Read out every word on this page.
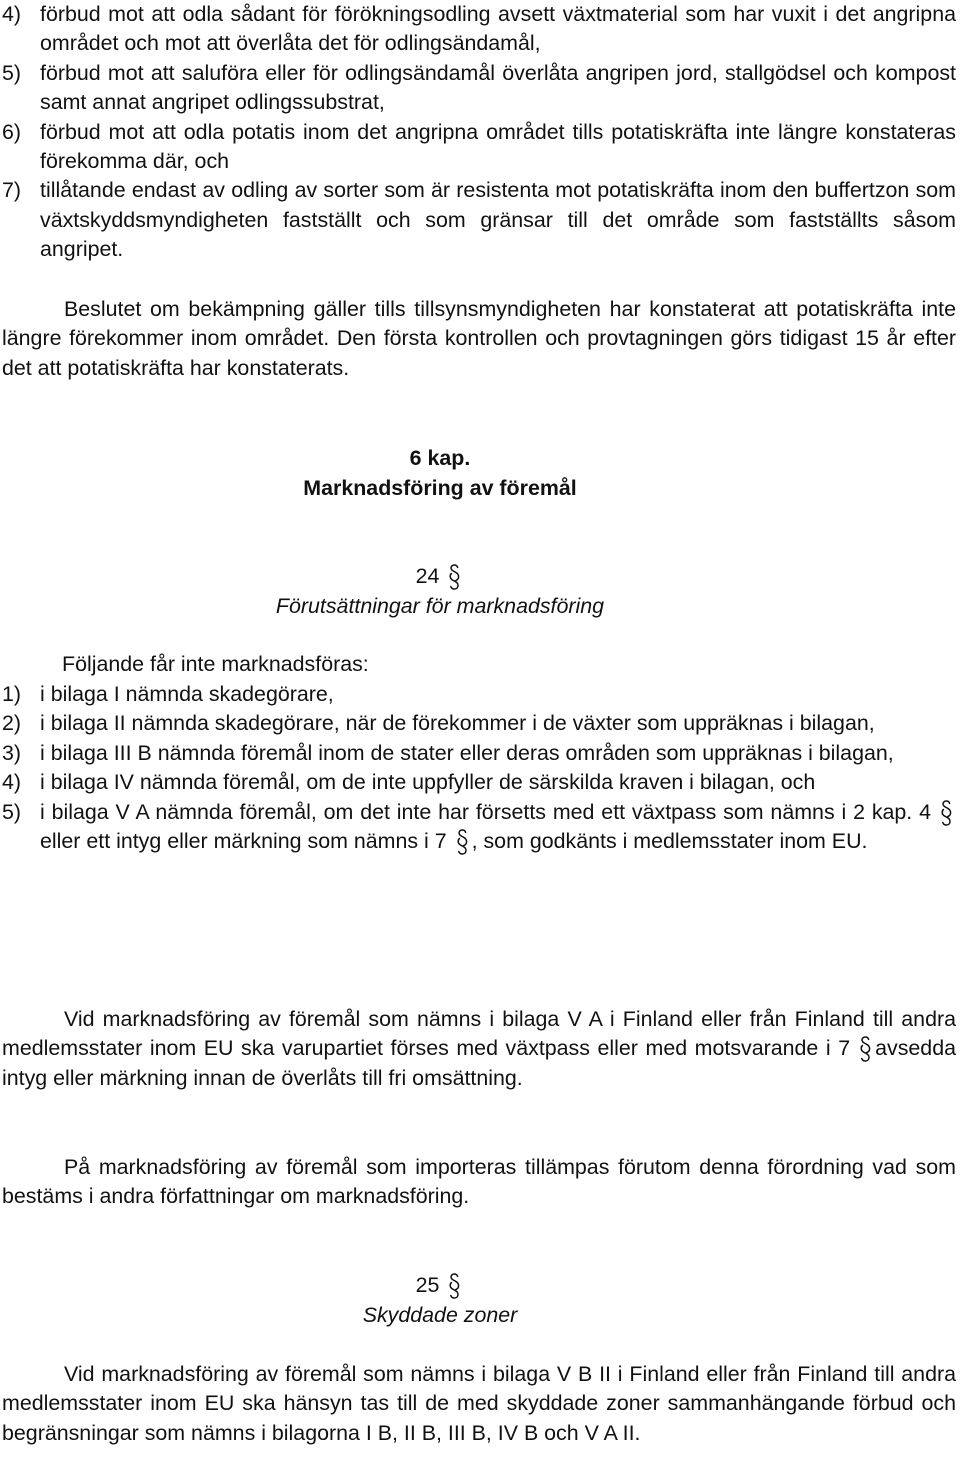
4) förbud mot att odla sådant för förökningsodling avsett växtmaterial som har vuxit i det angripna området och mot att överlåta det för odlingsändamål,
5) förbud mot att saluföra eller för odlingsändamål överlåta angripen jord, stallgödsel och kompost samt annat angripet odlingssubstrat,
6) förbud mot att odla potatis inom det angripna området tills potatiskräfta inte längre konstateras förekomma där, och
7) tillåtande endast av odling av sorter som är resistenta mot potatiskräfta inom den buffertzon som växtskyddsmyndigheten fastställt och som gränsar till det område som fastställts såsom angripet.

Beslutet om bekämpning gäller tills tillsynsmyndigheten har konstaterat att potatiskräfta inte längre förekommer inom området. Den första kontrollen och provtagningen görs tidigast 15 år efter det att potatiskräfta har konstaterats.

6 kap.
Marknadsföring av föremål
24
Förutsättningar för marknadsföring
Följande får inte marknadsföras:
1) i bilaga I nämnda skadegörare,
2) i bilaga II nämnda skadegörare, när de förekommer i de växter som uppräknas i bilagan,
3) i bilaga III B nämnda föremål inom de stater eller deras områden som uppräknas i bilagan,
4) i bilaga IV nämnda föremål, om de inte uppfyller de särskilda kraven i bilagan, och
5) i bilaga V A nämnda föremål, om det inte har försetts med ett växtpass som nämns i 2 kap. 4
eller ett intyg eller märkning som nämns i 7 , som godkänts i medlemsstater inom EU.

Vid marknadsföring av föremål som nämns i bilaga V A i Finland eller från Finland till andra medlemsstater inom EU ska varupartiet förses med växtpass eller med motsvarande i 7 avsedda intyg eller märkning innan de överlåts till fri omsättning.

På marknadsföring av föremål som importeras tillämpas förutom denna förordning vad som bestäms i andra författningar om marknadsföring.

25
Skyddade zoner

Vid marknadsföring av föremål som nämns i bilaga V B II i Finland eller från Finland till andra medlemsstater inom EU ska hänsyn tas till de med skyddade zoner sammanhängande förbud och begränsningar som nämns i bilagorna I B, II B, III B, IV B och V A II.
